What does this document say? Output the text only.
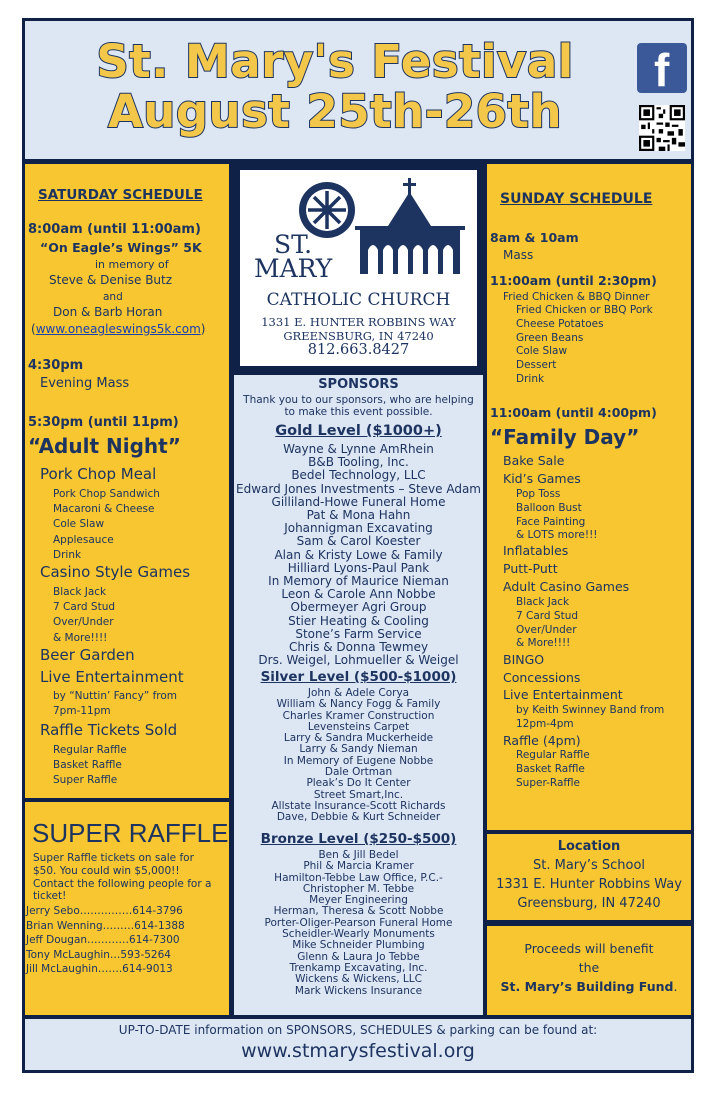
St. Mary's Festival
August 25th-26th
f
SATURDAY SCHEDULE
8:00am (until 11:00am)
“On Eagle’s Wings” 5K
in memory of
Steve & Denise Butz
and
Don & Barb Horan
(www.oneagleswings5k.com)
4:30pm
Evening Mass
5:30pm (until 11pm)
“Adult Night”
Pork Chop Meal
Pork Chop Sandwich
Macaroni & Cheese
Cole Slaw
Applesauce
Drink
Casino Style Games
Black Jack
7 Card Stud
Over/Under
& More!!!!
Beer Garden
Live Entertainment
by “Nuttin’ Fancy” from
7pm-11pm
Raffle Tickets Sold
Regular Raffle
Basket Raffle
Super Raffle
SUPER RAFFLE
Super Raffle tickets on sale for
$50. You could win $5,000!!
Contact the following people for a
ticket!
Jerry Sebo……………614-3796
Brian Wenning………614-1388
Jeff Dougan…………614-7300
Tony McLaughin…593-5264
Jill McLaughin…….614-9013
ST.
MARY
CATHOLIC CHURCH
1331 E. HUNTER ROBBINS WAY
GREENSBURG, IN 47240
812.663.8427
SPONSORS
Thank you to our sponsors, who are helping
to make this event possible.
Gold Level ($1000+)
Wayne & Lynne AmRhein
B&B Tooling, Inc.
Bedel Technology, LLC
Edward Jones Investments – Steve Adam
Gilliland-Howe Funeral Home
Pat & Mona Hahn
Johannigman Excavating
Sam & Carol Koester
Alan & Kristy Lowe & Family
Hilliard Lyons-Paul Pank
In Memory of Maurice Nieman
Leon & Carole Ann Nobbe
Obermeyer Agri Group
Stier Heating & Cooling
Stone’s Farm Service
Chris & Donna Tewmey
Drs. Weigel, Lohmueller & Weigel
Silver Level ($500-$1000)
John & Adele Corya
William & Nancy Fogg & Family
Charles Kramer Construction
Levensteins Carpet
Larry & Sandra Muckerheide
Larry & Sandy Nieman
In Memory of Eugene Nobbe
Dale Ortman
Pleak’s Do It Center
Street Smart,Inc.
Allstate Insurance-Scott Richards
Dave, Debbie & Kurt Schneider
Bronze Level ($250-$500)
Ben & Jill Bedel
Phil & Marcia Kramer
Hamilton-Tebbe Law Office, P.C.-
Christopher M. Tebbe
Meyer Engineering
Herman, Theresa & Scott Nobbe
Porter-Oliger-Pearson Funeral Home
Scheidler-Wearly Monuments
Mike Schneider Plumbing
Glenn & Laura Jo Tebbe
Trenkamp Excavating, Inc.
Wickens & Wickens, LLC
Mark Wickens Insurance
SUNDAY SCHEDULE
8am & 10am
Mass
11:00am (until 2:30pm)
Fried Chicken & BBQ Dinner
Fried Chicken or BBQ Pork
Cheese Potatoes
Green Beans
Cole Slaw
Dessert
Drink
11:00am (until 4:00pm)
“Family Day”
Bake Sale
Kid’s Games
Pop Toss
Balloon Bust
Face Painting
& LOTS more!!!
Inflatables
Putt-Putt
Adult Casino Games
Black Jack
7 Card Stud
Over/Under
& More!!!!
BINGO
Concessions
Live Entertainment
by Keith Swinney Band from
12pm-4pm
Raffle (4pm)
Regular Raffle
Basket Raffle
Super-Raffle
Location
St. Mary’s School
1331 E. Hunter Robbins Way
Greensburg, IN 47240
Proceeds will benefit
the
St. Mary’s Building Fund.
UP-TO-DATE information on SPONSORS, SCHEDULES & parking can be found at:
www.stmarysfestival.org
